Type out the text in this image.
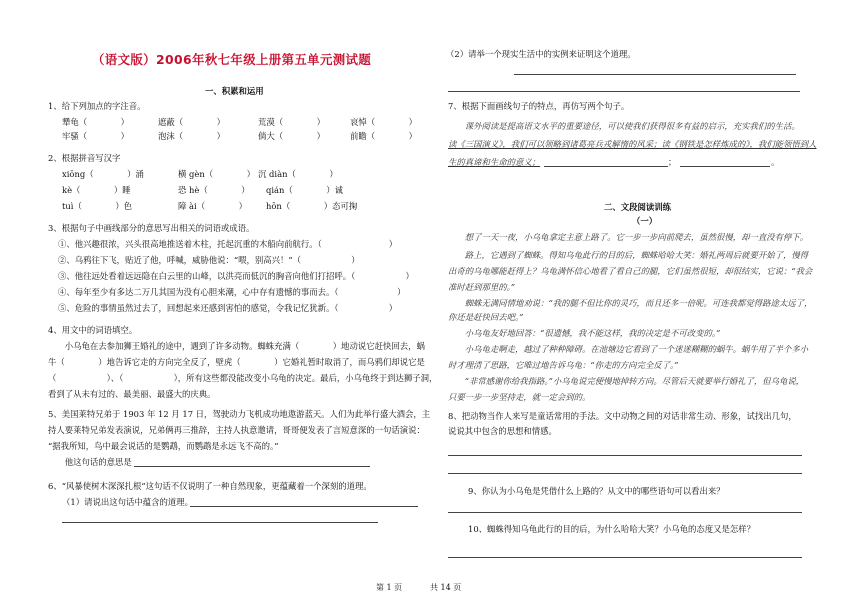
（语文版）2006年秋七年级上册第五单元测试题
一、积累和运用
1、给下列加点的字注音。
犟龟（　　　　）	遮蔽（　　　　）	荒漠（　　　　）	哀悼（　　　　）
牢骚（　　　　）	泡沫（　　　　）	倘大（　　　　）	前瞻（　　　　）
2、根据拼音写汉字
xiōng（　　　　）涌	横 gèn（　　　　） 沉 diàn（　　　　）
kè（　　　　）睡	恐 hè（　　　　） qián（　　　　）诚
tuì（　　　　）色	障 ài（　　　　） hōn（　　　　）态可掬
3、根据句子中画线部分的意思写出相关的词语或成语。
①、他兴趣很浓，兴头很高地推送着木柱，托起沉重的木船向前航行。（　　　　　　　　）
②、乌鸦往下飞，贴近了他，呼喊，威胁他说：“喂，别高兴！”（　　　　　　）
③、他往远处看着远远隐在白云里的山峰，以洪亮而低沉的胸音向他们打招呼。（　　　　　　）
④、每年至少有多达二万几其国为没有心胆来潮，心中存有遗憾的事而去。（　　　　　　　）
⑤、危险的事情虽然过去了，回想起来还感到害怕的感觉，令我记忆犹新。（　　　　　　）
4、用文中的词语填空。
　　小乌龟在去参加狮王婚礼的途中，遇到了许多动物。蜘蛛充满（　　　　）地动说它赶快回去，蜗
牛（　　　　）地告诉它走的方向完全反了，壁虎（　　　　）它婚礼暂时取消了，而乌鸦们却说它是
（　　　　　　）、（　　　　　　），所有这些都没能改变小乌龟的决定。最后，小乌龟终于到达狮子洞，
看到了从未有过的、最美丽、最盛大的庆典。
5、美国莱特兄弟于 1903 年 12 月 17 日，驾驶动力飞机成功地遨游蓝天。人们为此举行盛大酒会，主
持人要莱特兄弟发表演说，兄弟俩再三推辞，主持人执意邀请，哥哥便发表了言短意深的一句话演说：
“据我所知，鸟中最会说话的是鹦鹉，而鹦鹉是永远飞不高的。”
　　他这句话的意思是
6、“风暴使树木深深扎根”这句话不仅说明了一种自然现象，更蕴藏着一个深刻的道理。
（1）请说出这句话中蕴含的道理。
（2）请举一个现实生活中的实例来证明这个道理。
7、根据下面画线句子的特点，再仿写两个句子。
　　课外阅读是提高语文水平的重要途径，可以使我们获得很多有益的启示，充实我们的生活。
读《三国演义》，我们可以领略到诸葛亮兵戎解惰的风采；读《钢铁是怎样炼成的》，我们能领悟到人
生的真谛和生命的意义；	；	。
二、文段阅读训练
（一）
　　想了一天一夜，小乌龟拿定主意上路了。它一步一步向前爬去，虽然很慢，却一直没有停下。
　　路上，它遇到了蜘蛛。得知乌龟此行的目的后，蜘蛛哈哈大笑：婚礼两周后就要开始了，慢得
出奇的乌龟哪能赶得上？乌龟满怀信心地看了看自己的腿，它们虽然很短，却很结实，它说：“我会
准时赶到那里的。”
　　蜘蛛无满同情地劝说：“我的腿不但比你的灵巧，而且还多一倍呢。可连我都觉得路途太远了，
你还是赶快回去吧。”
　　小乌龟友好地回答：“很遗憾，我不能这样，我的决定是不可改变的。”
　　小乌龟走啊走，越过了种种障碍。在池塘边它看到了一个迷迷糊糊的蜗牛。蜗牛用了半个多小
时才理清了思路，它唯过地告诉乌龟：“你走的方向完全反了。”
　　“非常感谢你给我指路。”小乌龟说完便慢地掉转方向。尽管后天就要举行婚礼了，但乌龟说，
只要一步一步坚持走，就一定会到的。
8、把动物当作人来写是童话常用的手法。文中动物之间的对话非常生动、形象，试找出几句，
说说其中包含的思想和情感。
9、你认为小乌龟是凭借什么上路的？从文中的哪些语句可以看出来？
10、蜘蛛得知乌龟此行的目的后，为什么哈哈大笑？小乌龟的态度又是怎样？
第 1 页	共 14 页
